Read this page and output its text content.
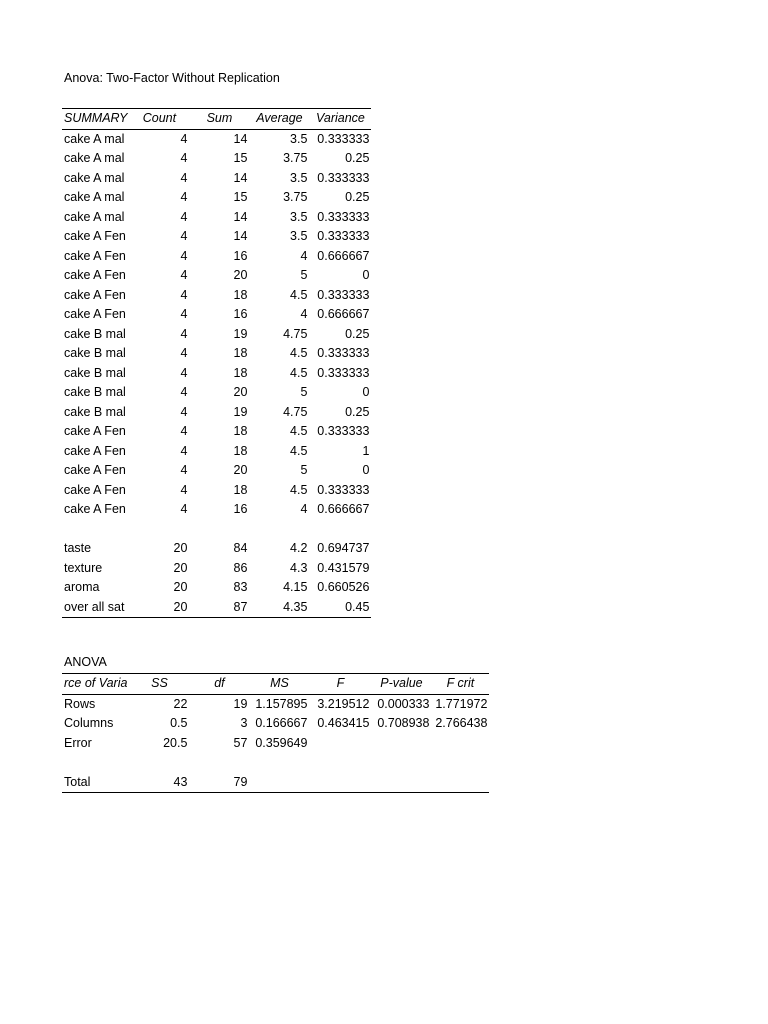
Anova: Two-Factor Without Replication
SUMMARY	Count	Sum	Average	Variance
cake A mal	4	14	3.5	0.333333
cake A mal	4	15	3.75	0.25
cake A mal	4	14	3.5	0.333333
cake A mal	4	15	3.75	0.25
cake A mal	4	14	3.5	0.333333
cake A Fen	4	14	3.5	0.333333
cake A Fen	4	16	4	0.666667
cake A Fen	4	20	5	0
cake A Fen	4	18	4.5	0.333333
cake A Fen	4	16	4	0.666667
cake B mal	4	19	4.75	0.25
cake B mal	4	18	4.5	0.333333
cake B mal	4	18	4.5	0.333333
cake B mal	4	20	5	0
cake B mal	4	19	4.75	0.25
cake A Fen	4	18	4.5	0.333333
cake A Fen	4	18	4.5	1
cake A Fen	4	20	5	0
cake A Fen	4	18	4.5	0.333333
cake A Fen	4	16	4	0.666667

taste	20	84	4.2	0.694737
texture	20	86	4.3	0.431579
aroma	20	83	4.15	0.660526
over all sat	20	87	4.35	0.45
ANOVA
rce of Varia	SS	df	MS	F	P-value	F crit
Rows	22	19	1.157895	3.219512	0.000333	1.771972
Columns	0.5	3	0.166667	0.463415	0.708938	2.766438
Error	20.5	57	0.359649			

Total	43	79				
